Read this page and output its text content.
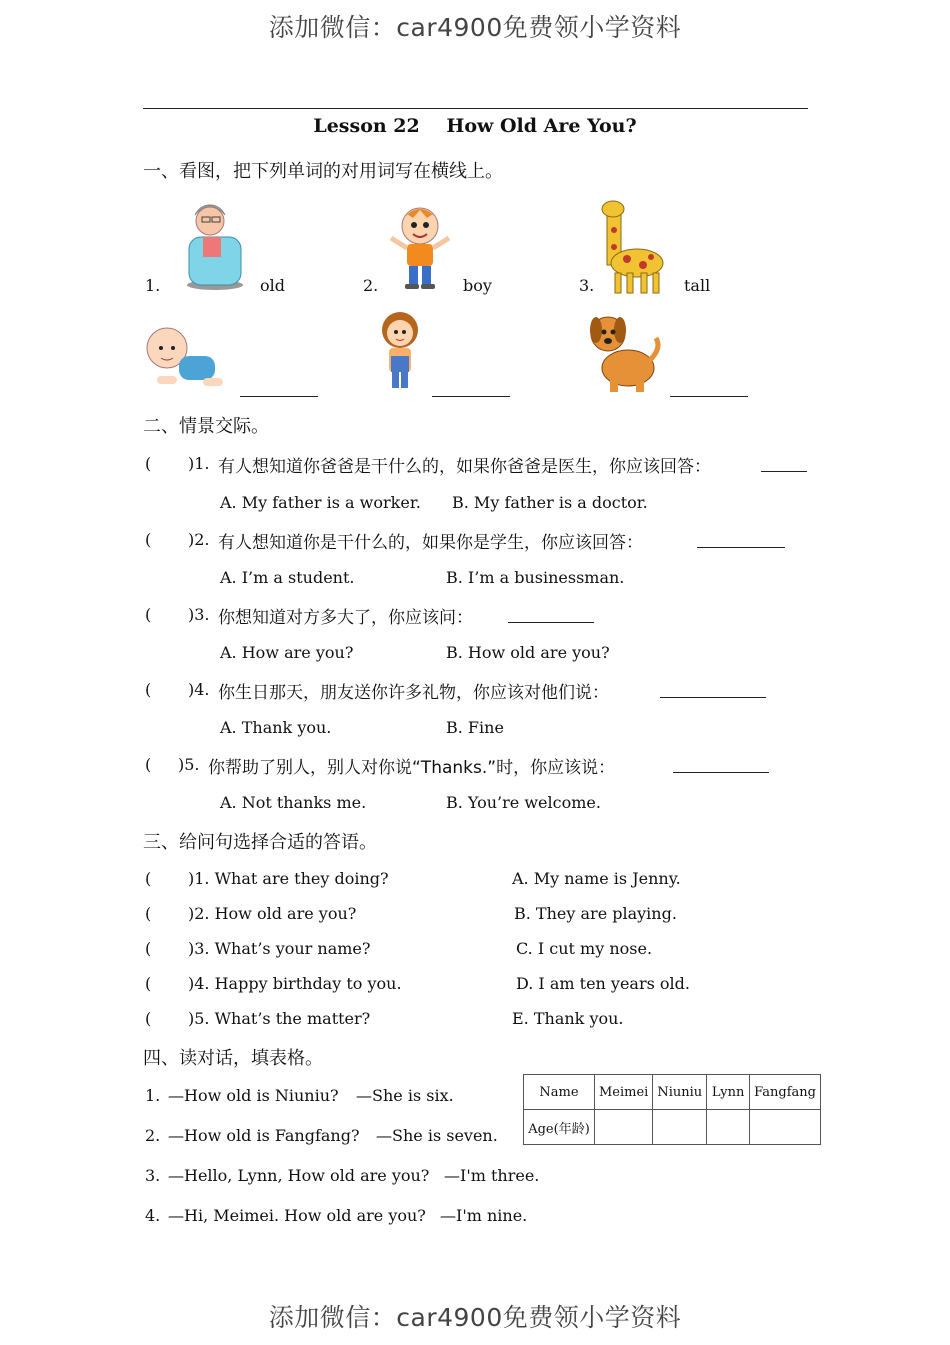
添加微信：car4900免费领小学资料
添加微信：car4900免费领小学资料
Lesson 22 How Old Are You?
一、看图，把下列单词的对用词写在横线上。
1.	old	2.	boy	3.	tall
二、情景交际。
( )1. 有人想知道你爸爸是干什么的，如果你爸爸是医生，你应该回答：
A. My father is a worker. B. My father is a doctor.
( )2. 有人想知道你是干什么的，如果你是学生，你应该回答：
A. I’m a student.	B. I’m a businessman.
( )3. 你想知道对方多大了，你应该问：
A. How are you?	B. How old are you?
( )4. 你生日那天，朋友送你许多礼物，你应该对他们说：
A. Thank you.	B. Fine
( )5. 你帮助了别人，别人对你说“Thanks.”时，你应该说：
A. Not thanks me.	B. You’re welcome.
三、给问句选择合适的答语。
( )1. What are they doing?	A. My name is Jenny.
( )2. How old are you?	B. They are playing.
( )3. What’s your name?	C. I cut my nose.
( )4. Happy birthday to you.	D. I am ten years old.
( )5. What’s the matter?	E. Thank you.
四、读对话，填表格。
1. —How old is Niuniu? —She is six.
2. —How old is Fangfang? —She is seven.
3. —Hello, Lynn, How old are you? —I'm three.
4. —Hi, Meimei. How old are you? —I'm nine.
Name	Meimei	Niuniu	Lynn	Fangfang
Age(年龄)				
